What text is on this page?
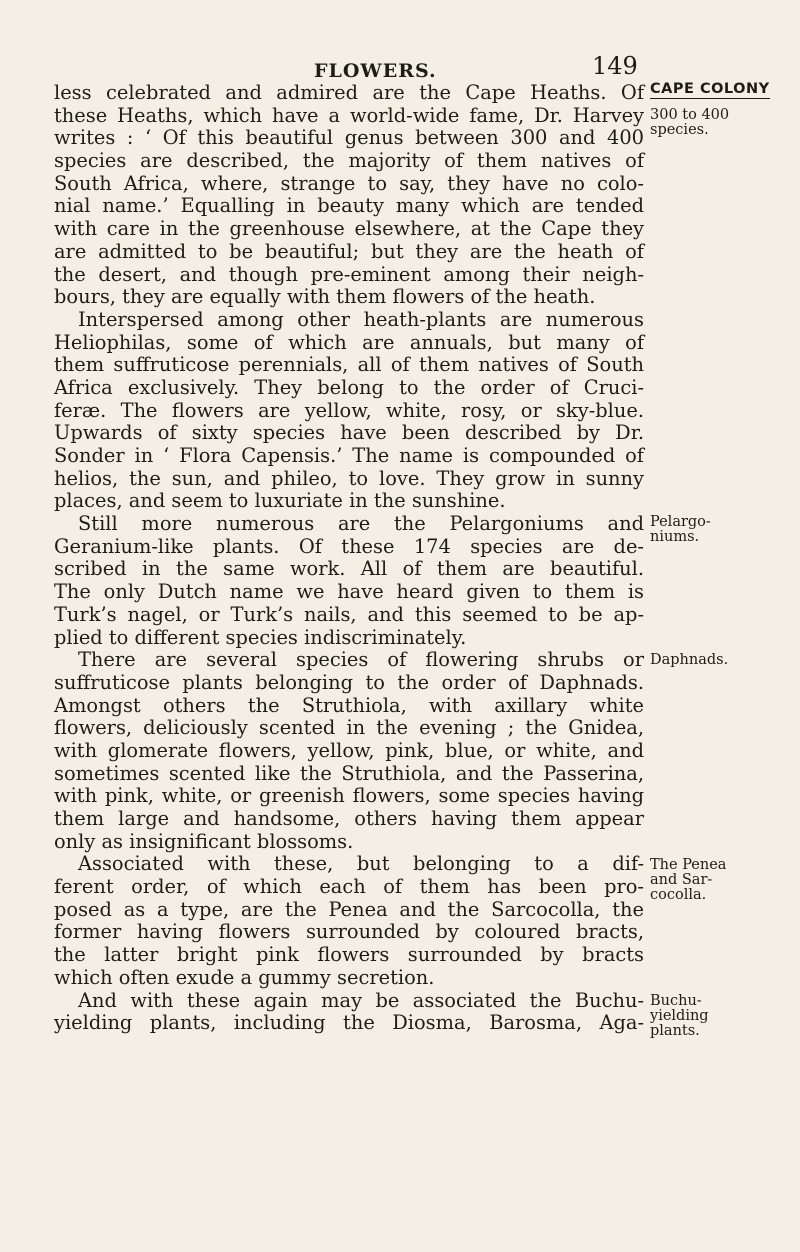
FLOWERS.	149
less celebrated and admired are the Cape Heaths. Of
these Heaths, which have a world-wide fame, Dr. Harvey
writes : ‘ Of this beautiful genus between 300 and 400
species are described, the majority of them natives of
South Africa, where, strange to say, they have no colo-
nial name.’ Equalling in beauty many which are tended
with care in the greenhouse elsewhere, at the Cape they
are admitted to be beautiful; but they are the heath of
the desert, and though pre-eminent among their neigh-
bours, they are equally with them flowers of the heath.
Interspersed among other heath-plants are numerous
Heliophilas, some of which are annuals, but many of
them suffruticose perennials, all of them natives of South
Africa exclusively. They belong to the order of Cruci-
feræ. The flowers are yellow, white, rosy, or sky-blue.
Upwards of sixty species have been described by Dr.
Sonder in ‘ Flora Capensis.’ The name is compounded of
helios, the sun, and phileo, to love. They grow in sunny
places, and seem to luxuriate in the sunshine.
Still more numerous are the Pelargoniums and
Geranium-like plants. Of these 174 species are de-
scribed in the same work. All of them are beautiful.
The only Dutch name we have heard given to them is
Turk’s nagel, or Turk’s nails, and this seemed to be ap-
plied to different species indiscriminately.
There are several species of flowering shrubs or
suffruticose plants belonging to the order of Daphnads.
Amongst others the Struthiola, with axillary white
flowers, deliciously scented in the evening ; the Gnidea,
with glomerate flowers, yellow, pink, blue, or white, and
sometimes scented like the Struthiola, and the Passerina,
with pink, white, or greenish flowers, some species having
them large and handsome, others having them appear
only as insignificant blossoms.
Associated with these, but belonging to a dif-
ferent order, of which each of them has been pro-
posed as a type, are the Penea and the Sarcocolla, the
former having flowers surrounded by coloured bracts,
the latter bright pink flowers surrounded by bracts
which often exude a gummy secretion.
And with these again may be associated the Buchu-
yielding plants, including the Diosma, Barosma, Aga-
CAPE COLONY
300 to 400
species.
Pelargo-
niums.
Daphnads.
The Penea
and Sar-
cocolla.
Buchu-
yielding
plants.
